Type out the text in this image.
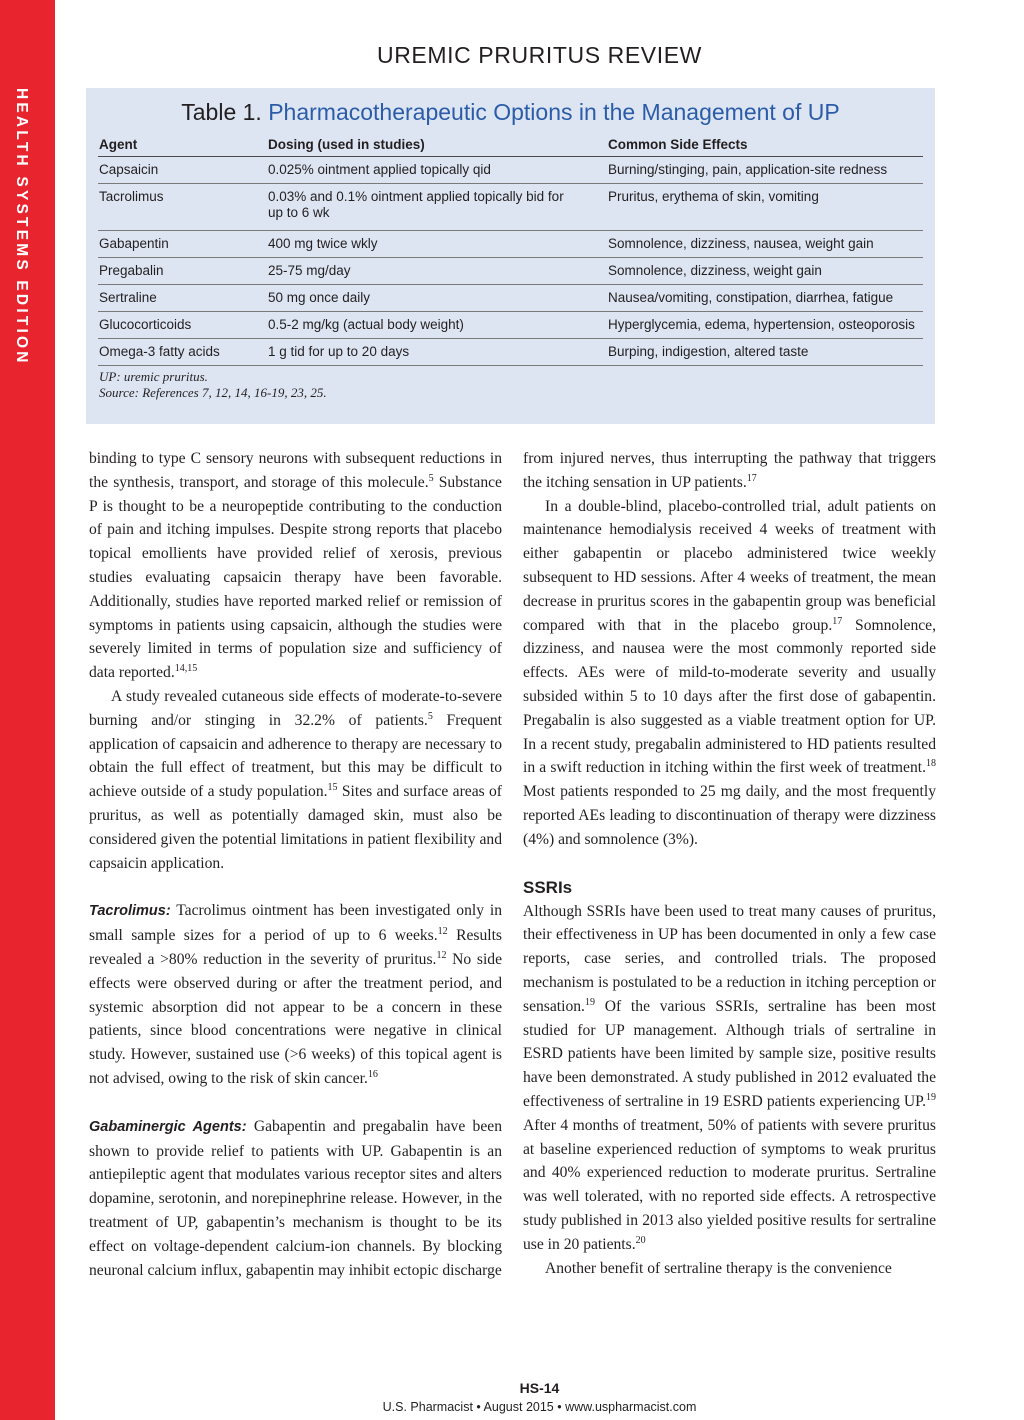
HEALTH SYSTEMS EDITION
UREMIC PRURITUS REVIEW
Table 1. Pharmacotherapeutic Options in the Management of UP
Agent	Dosing (used in studies)	Common Side Effects
Capsaicin	0.025% ointment applied topically qid	Burning/stinging, pain, application-site redness
Tacrolimus	0.03% and 0.1% ointment applied topically bid for up to 6 wk	Pruritus, erythema of skin, vomiting
Gabapentin	400 mg twice wkly	Somnolence, dizziness, nausea, weight gain
Pregabalin	25-75 mg/day	Somnolence, dizziness, weight gain
Sertraline	50 mg once daily	Nausea/vomiting, constipation, diarrhea, fatigue
Glucocorticoids	0.5-2 mg/kg (actual body weight)	Hyperglycemia, edema, hypertension, osteoporosis
Omega-3 fatty acids	1 g tid for up to 20 days	Burping, indigestion, altered taste
UP: uremic pruritus.
Source: References 7, 12, 14, 16-19, 23, 25.

binding to type C sensory neurons with subsequent reductions in the synthesis, transport, and storage of this molecule.$^5$ Substance P is thought to be a neuropeptide contributing to the conduction of pain and itching impulses. Despite strong reports that placebo topical emollients have provided relief of xerosis, previous studies evaluating capsaicin therapy have been favorable. Additionally, studies have reported marked relief or remission of symptoms in patients using capsaicin, although the studies were severely limited in terms of population size and sufficiency of data reported.$^{14,15}$

A study revealed cutaneous side effects of moderate-to-severe burning and/or stinging in 32.2% of patients.$^5$ Frequent application of capsaicin and adherence to therapy are necessary to obtain the full effect of treatment, but this may be difficult to achieve outside of a study population.$^{15}$ Sites and surface areas of pruritus, as well as potentially damaged skin, must also be considered given the potential limitations in patient flexibility and capsaicin application.

Tacrolimus: Tacrolimus ointment has been investigated only in small sample sizes for a period of up to 6 weeks.$^{12}$ Results revealed a >80% reduction in the severity of pruritus.$^{12}$ No side effects were observed during or after the treatment period, and systemic absorption did not appear to be a concern in these patients, since blood concentrations were negative in clinical study. However, sustained use (>6 weeks) of this topical agent is not advised, owing to the risk of skin cancer.$^{16}$

Gabaminergic Agents: Gabapentin and pregabalin have been shown to provide relief to patients with UP. Gabapentin is an antiepileptic agent that modulates various receptor sites and alters dopamine, serotonin, and norepinephrine release. However, in the treatment of UP, gabapentin’s mechanism is thought to be its effect on voltage-dependent calcium-ion channels. By blocking neuronal calcium influx, gabapentin may inhibit ectopic discharge

from injured nerves, thus interrupting the pathway that triggers the itching sensation in UP patients.$^{17}$

In a double-blind, placebo-controlled trial, adult patients on maintenance hemodialysis received 4 weeks of treatment with either gabapentin or placebo administered twice weekly subsequent to HD sessions. After 4 weeks of treatment, the mean decrease in pruritus scores in the gabapentin group was beneficial compared with that in the placebo group.$^{17}$ Somnolence, dizziness, and nausea were the most commonly reported side effects. AEs were of mild-to-moderate severity and usually subsided within 5 to 10 days after the first dose of gabapentin. Pregabalin is also suggested as a viable treatment option for UP. In a recent study, pregabalin administered to HD patients resulted in a swift reduction in itching within the first week of treatment.$^{18}$ Most patients responded to 25 mg daily, and the most frequently reported AEs leading to discontinuation of therapy were dizziness (4%) and somnolence (3%).

SSRIs

Although SSRIs have been used to treat many causes of pruritus, their effectiveness in UP has been documented in only a few case reports, case series, and controlled trials. The proposed mechanism is postulated to be a reduction in itching perception or sensation.$^{19}$ Of the various SSRIs, sertraline has been most studied for UP management. Although trials of sertraline in ESRD patients have been limited by sample size, positive results have been demonstrated. A study published in 2012 evaluated the effectiveness of sertraline in 19 ESRD patients experiencing UP.$^{19}$ After 4 months of treatment, 50% of patients with severe pruritus at baseline experienced reduction of symptoms to weak pruritus and 40% experienced reduction to moderate pruritus. Sertraline was well tolerated, with no reported side effects. A retrospective study published in 2013 also yielded positive results for sertraline use in 20 patients.$^{20}$

Another benefit of sertraline therapy is the convenience

HS-14
U.S. Pharmacist • August 2015 • www.uspharmacist.com
